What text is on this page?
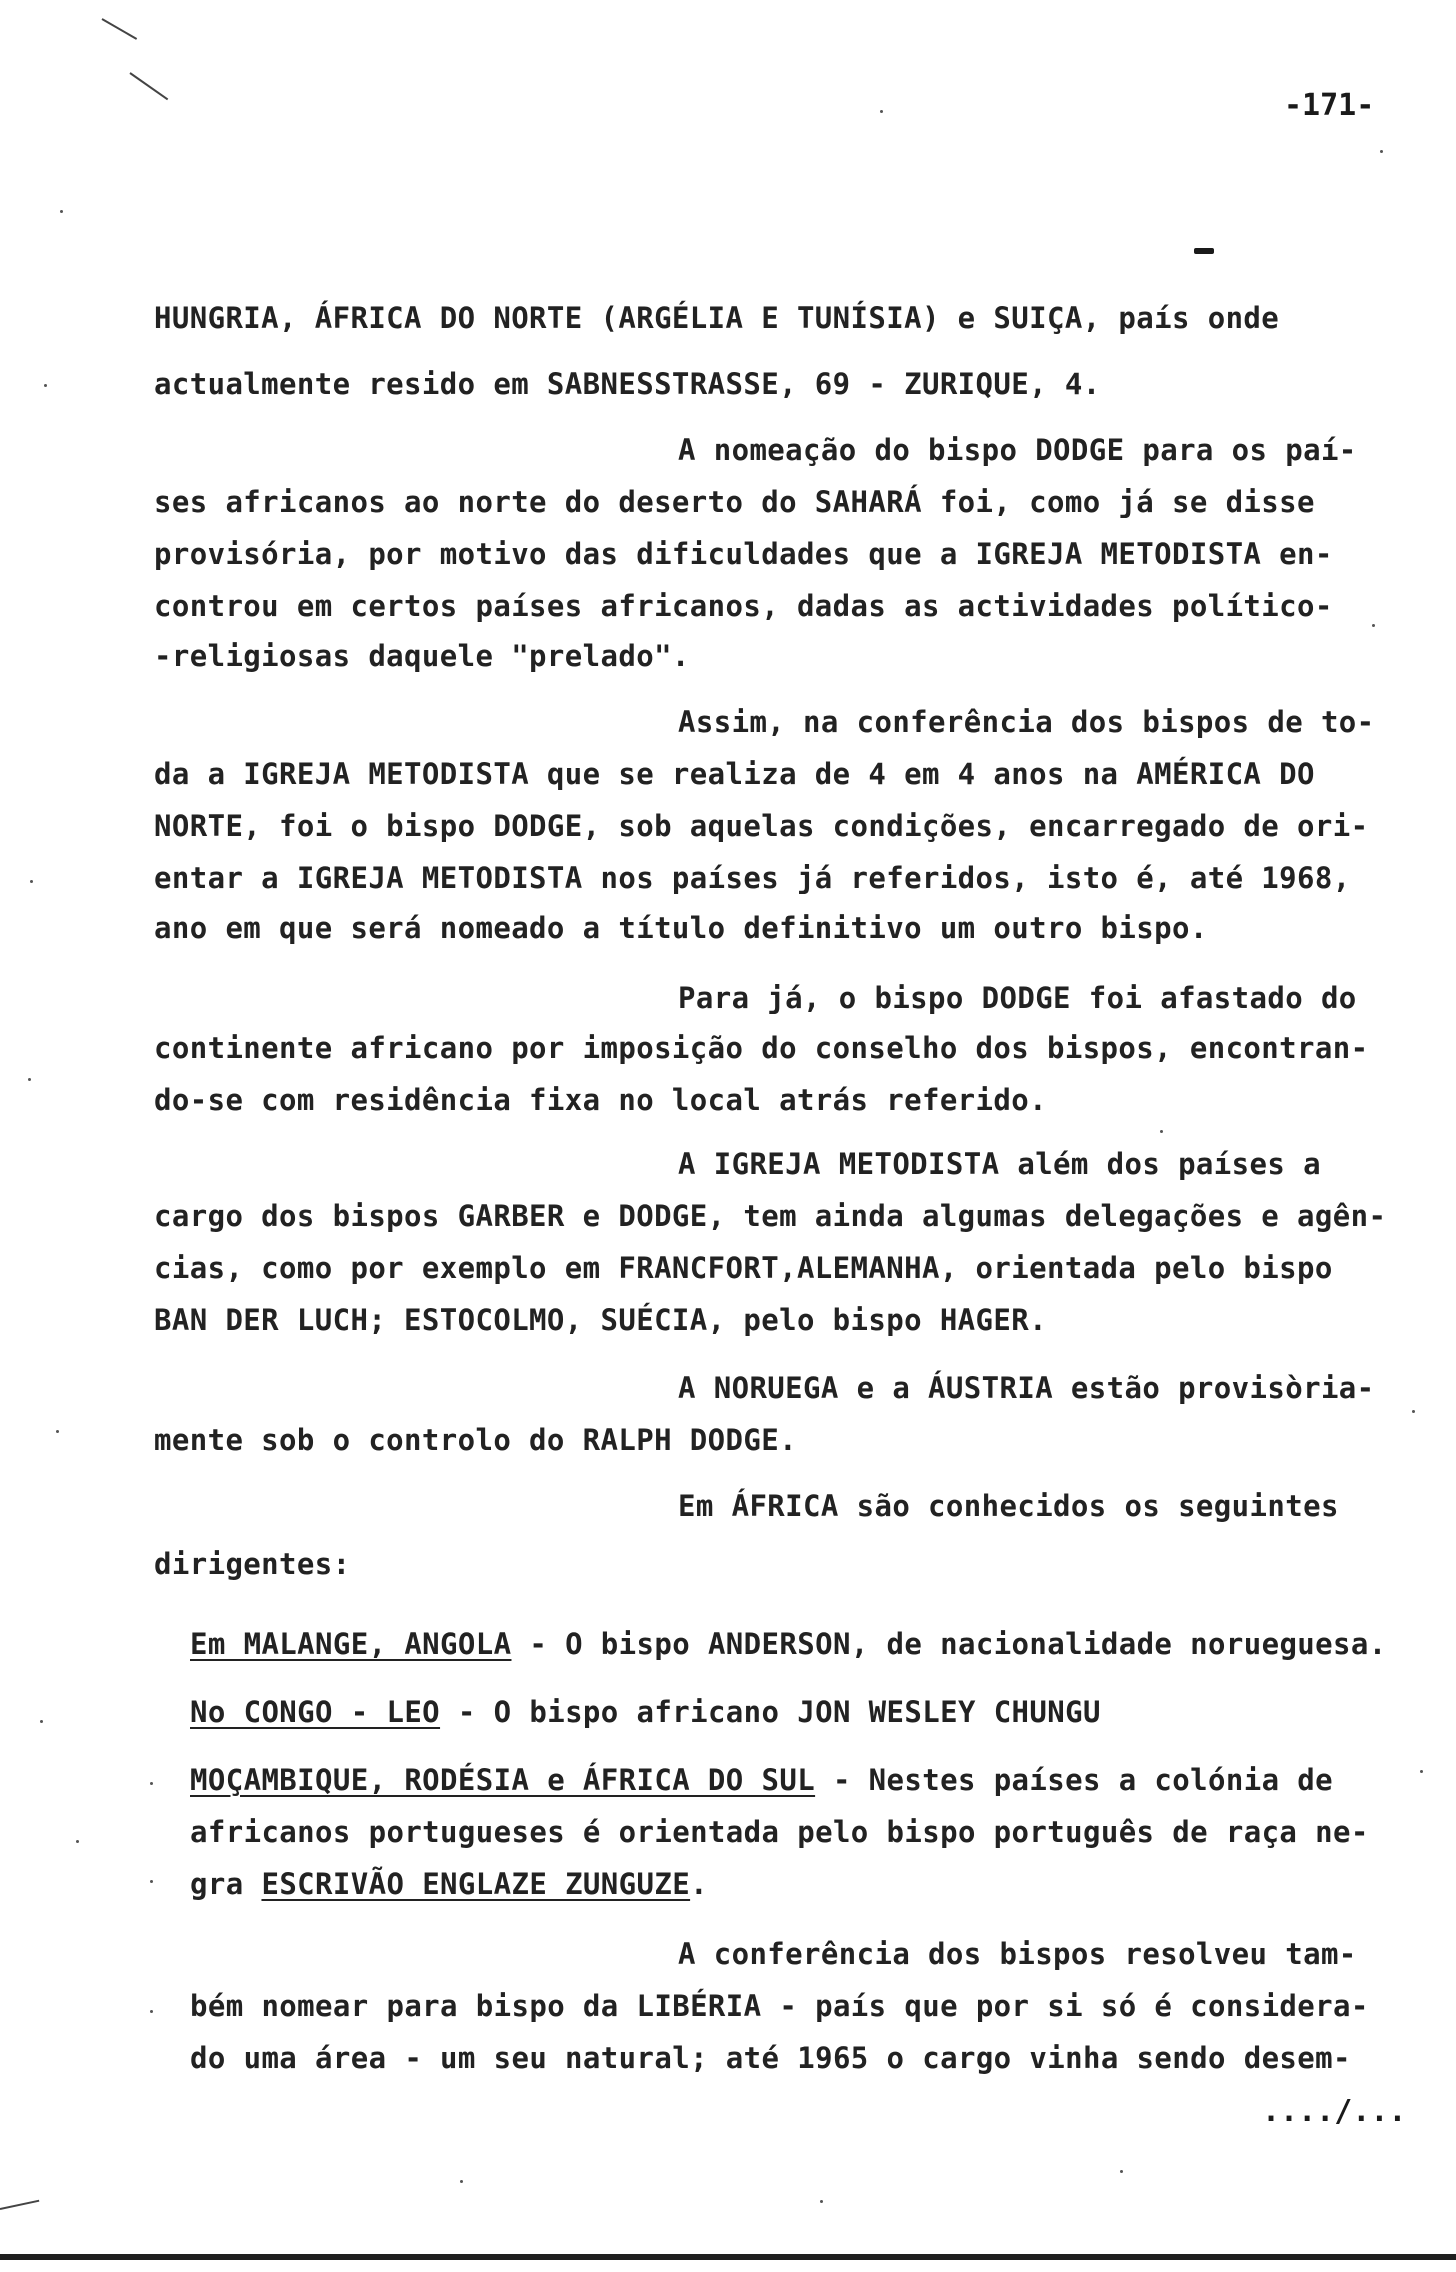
-171-
HUNGRIA, ÁFRICA DO NORTE (ARGÉLIA E TUNÍSIA) e SUIÇA, país onde
actualmente resido em SABNESSTRASSE, 69 - ZURIQUE, 4.
A nomeação do bispo DODGE para os paí-
ses africanos ao norte do deserto do SAHARÁ foi, como já se disse
provisória, por motivo das dificuldades que a IGREJA METODISTA en-
controu em certos países africanos, dadas as actividades político-
-religiosas daquele "prelado".
Assim, na conferência dos bispos de to-
da a IGREJA METODISTA que se realiza de 4 em 4 anos na AMÉRICA DO
NORTE, foi o bispo DODGE, sob aquelas condições, encarregado de ori-
entar a IGREJA METODISTA nos países já referidos, isto é, até 1968,
ano em que será nomeado a título definitivo um outro bispo.
Para já, o bispo DODGE foi afastado do
continente africano por imposição do conselho dos bispos, encontran-
do-se com residência fixa no local atrás referido.
A IGREJA METODISTA além dos países a
cargo dos bispos GARBER e DODGE, tem ainda algumas delegações e agên-
cias, como por exemplo em FRANCFORT,ALEMANHA, orientada pelo bispo
BAN DER LUCH; ESTOCOLMO, SUÉCIA, pelo bispo HAGER.
A NORUEGA e a ÁUSTRIA estão provisòria-
mente sob o controlo do RALPH DODGE.
Em ÁFRICA são conhecidos os seguintes
dirigentes:
Em MALANGE, ANGOLA - O bispo ANDERSON, de nacionalidade norueguesa.
No CONGO - LEO - O bispo africano JON WESLEY CHUNGU
MOÇAMBIQUE, RODÉSIA e ÁFRICA DO SUL - Nestes países a colónia de
africanos portugueses é orientada pelo bispo português de raça ne-
gra ESCRIVÃO ENGLAZE ZUNGUZE.
A conferência dos bispos resolveu tam-
bém nomear para bispo da LIBÉRIA - país que por si só é considera-
do uma área - um seu natural; até 1965 o cargo vinha sendo desem-
..../...
